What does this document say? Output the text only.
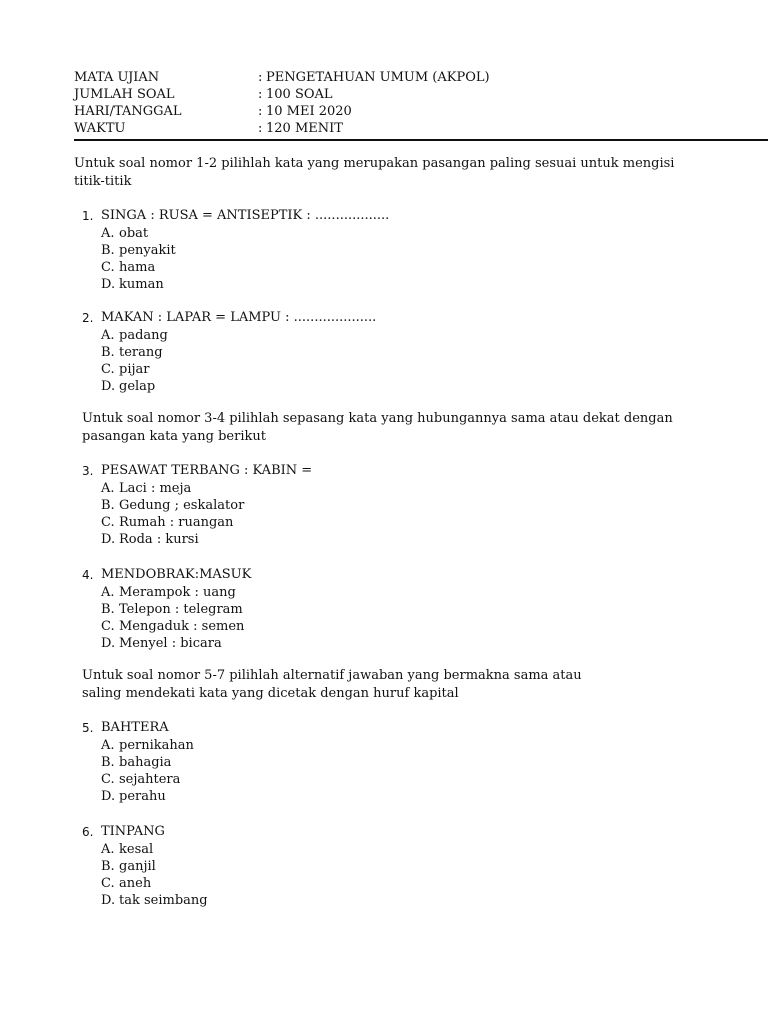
MATA UJIAN	: PENGETAHUAN UMUM (AKPOL)
JUMLAH SOAL	: 100 SOAL
HARI/TANGGAL	: 10 MEI 2020
WAKTU	: 120 MENIT
Untuk soal nomor 1-2 pilihlah kata yang merupakan pasangan paling sesuai untuk mengisi
titik-titik
1. SINGA : RUSA = ANTISEPTIK : ..................
A. obat
B. penyakit
C. hama
D. kuman
2. MAKAN : LAPAR = LAMPU : ....................
A. padang
B. terang
C. pijar
D. gelap
Untuk soal nomor 3-4 pilihlah sepasang kata yang hubungannya sama atau dekat dengan
pasangan kata yang berikut
3. PESAWAT TERBANG : KABIN =
A. Laci : meja
B. Gedung ; eskalator
C. Rumah : ruangan
D. Roda : kursi
4. MENDOBRAK:MASUK
A. Merampok : uang
B. Telepon : telegram
C. Mengaduk : semen
D. Menyel : bicara
Untuk soal nomor 5-7 pilihlah alternatif jawaban yang bermakna sama atau
saling mendekati kata yang dicetak dengan huruf kapital
5. BAHTERA
A. pernikahan
B. bahagia
C. sejahtera
D. perahu
6. TINPANG
A. kesal
B. ganjil
C. aneh
D. tak seimbang
